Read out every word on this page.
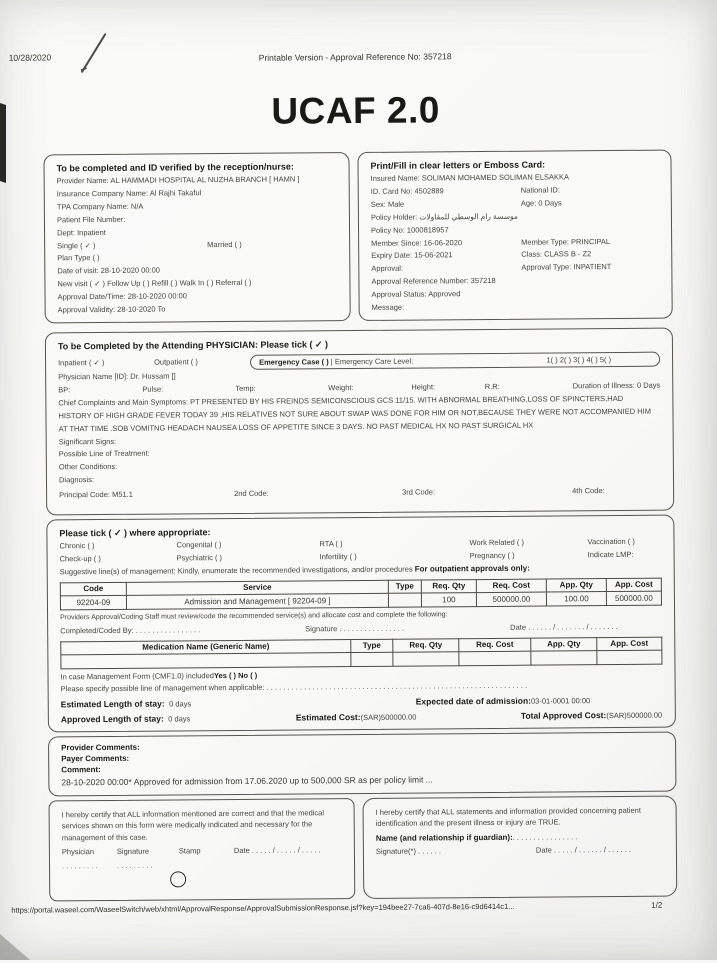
10/28/2020	Printable Version - Approval Reference No: 357218
UCAF 2.0
To be completed and ID verified by the reception/nurse:
Provider Name: AL HAMMADI HOSPITAL AL NUZHA BRANCH [ HAMN ]
Insurance Company Name: Al Rajhi Takaful
TPA Company Name: N/A
Patient File Number:
Dept: Inpatient
Single ( ✓ )	Married ( )
Plan Type ( )
Date of visit: 28-10-2020 00:00
New visit ( ✓ ) Follow Up ( ) Refill ( ) Walk In ( ) Referral ( )
Approval Date/Time: 28-10-2020 00:00
Approval Validity: 28-10-2020 To
Print/Fill in clear letters or Emboss Card:
Insured Name: SOLIMAN MOHAMED SOLIMAN ELSAKKA
ID. Card No: 4502889	National ID:
Sex: Male	Age: 0 Days
Policy Holder: موسسة رام الوسطي للمقاولات
Policy No: 1000818957
Member Since: 16-06-2020	Member Type: PRINCIPAL
Expiry Date: 15-06-2021	Class: CLASS B - Z2
Approval:	Approval Type: INPATIENT
Approval Reference Number: 357218
Approval Status: Approved
Message:
To be Completed by the Attending PHYSICIAN: Please tick ( ✓ )
Inpatient ( ✓ )	Outpatient ( )	Emergency Case ( ) | Emergency Care Level:	1( ) 2( ) 3( ) 4( ) 5( )
Physician Name [ID]: Dr. Hussam []
BP:	Pulse:	Temp:	Weight:	Height:	R.R:	Duration of Illness: 0 Days
Chief Complaints and Main Symptoms: PT PRESENTED BY HIS FREINDS SEMICONSCIOUS GCS 11/15. WITH ABNORMAL BREATHING,LOSS OF SPINCTERS,HAD
HISTORY OF HIGH GRADE FEVER TODAY 39 ,HIS RELATIVES NOT SURE ABOUT SWAP WAS DONE FOR HIM OR NOT,BECAUSE THEY WERE NOT ACCOMPANIED HIM
AT THAT TIME .SOB VOMITNG HEADACH NAUSEA LOSS OF APPETITE SINCE 3 DAYS. NO PAST MEDICAL HX NO PAST SURGICAL HX
Significant Signs:
Possible Line of Treatment:
Other Conditions:
Diagnosis:
Principal Code: M51.1	2nd Code:	3rd Code:	4th Code:
Please tick ( ✓ ) where appropriate:
Chronic ( )	Congenital ( )	RTA ( )	Work Related ( )	Vaccination ( )
Check-up ( )	Psychiatric ( )	Infertility ( )	Pregnancy ( )	Indicate LMP:
Suggestive line(s) of management: Kindly, enumerate the recommended investigations, and/or procedures For outpatient approvals only:
Code	Service	Type	Req. Qty	Req. Cost	App. Qty	App. Cost
92204-09	Admission and Management [ 92204-09 ]		100	500000.00	100.00	500000.00
Providers Approval/Coding Staff must review/code the recommended service(s) and allocate cost and complete the following:
Completed/Coded By: . . . . . . . . . . . . . . . .	Signature . . . . . . . . . . . . . . . .	Date . . . . . . / . . . . . . . / . . . . . . .
Medication Name (Generic Name)	Type	Req. Qty	Req. Cost	App. Qty	App. Cost

In case Management Form (CMF1.0) includedYes ( ) No ( )
Please specify possible line of management when applicable: . . . . . . . . . . . . . . . . . . . . . . . . . . . . . . . . . . . . . . . . . . . . . . . . . . . . . . . . . . . . . . .
Estimated Length of stay: 0 days	Expected date of admission:03-01-0001 00:00
Approved Length of stay: 0 days	Estimated Cost:(SAR)500000.00	Total Approved Cost:(SAR)500000.00
Provider Comments:
Payer Comments:
Comment:
28-10-2020 00:00* Approved for admission from 17.06.2020 up to 500,000 SR as per policy limit ...
I hereby certify that ALL information mentioned are correct and that the medical services shown on this form were medically indicated and necessary for the management of this case.
Physician	Signature	Stamp	Date . . . . . / . . . . . / . . . . .
. . . . . . . . .	. . . . . . . . .
I hereby certify that ALL statements and information provided concerning patient identification and the present illness or injury are TRUE.
Name (and relationship if guardian): . . . . . . . . . . . . . . . .
Signature(*) . . . . . .	Date . . . . . / . . . . . . / . . . . . .
https://portal.waseel.com/WaseelSwitch/web/xhtml/ApprovalResponse/ApprovalSubmissionResponse.jsf?key=194bee27-7ca6-407d-8e16-c9d6414c1...	1/2
